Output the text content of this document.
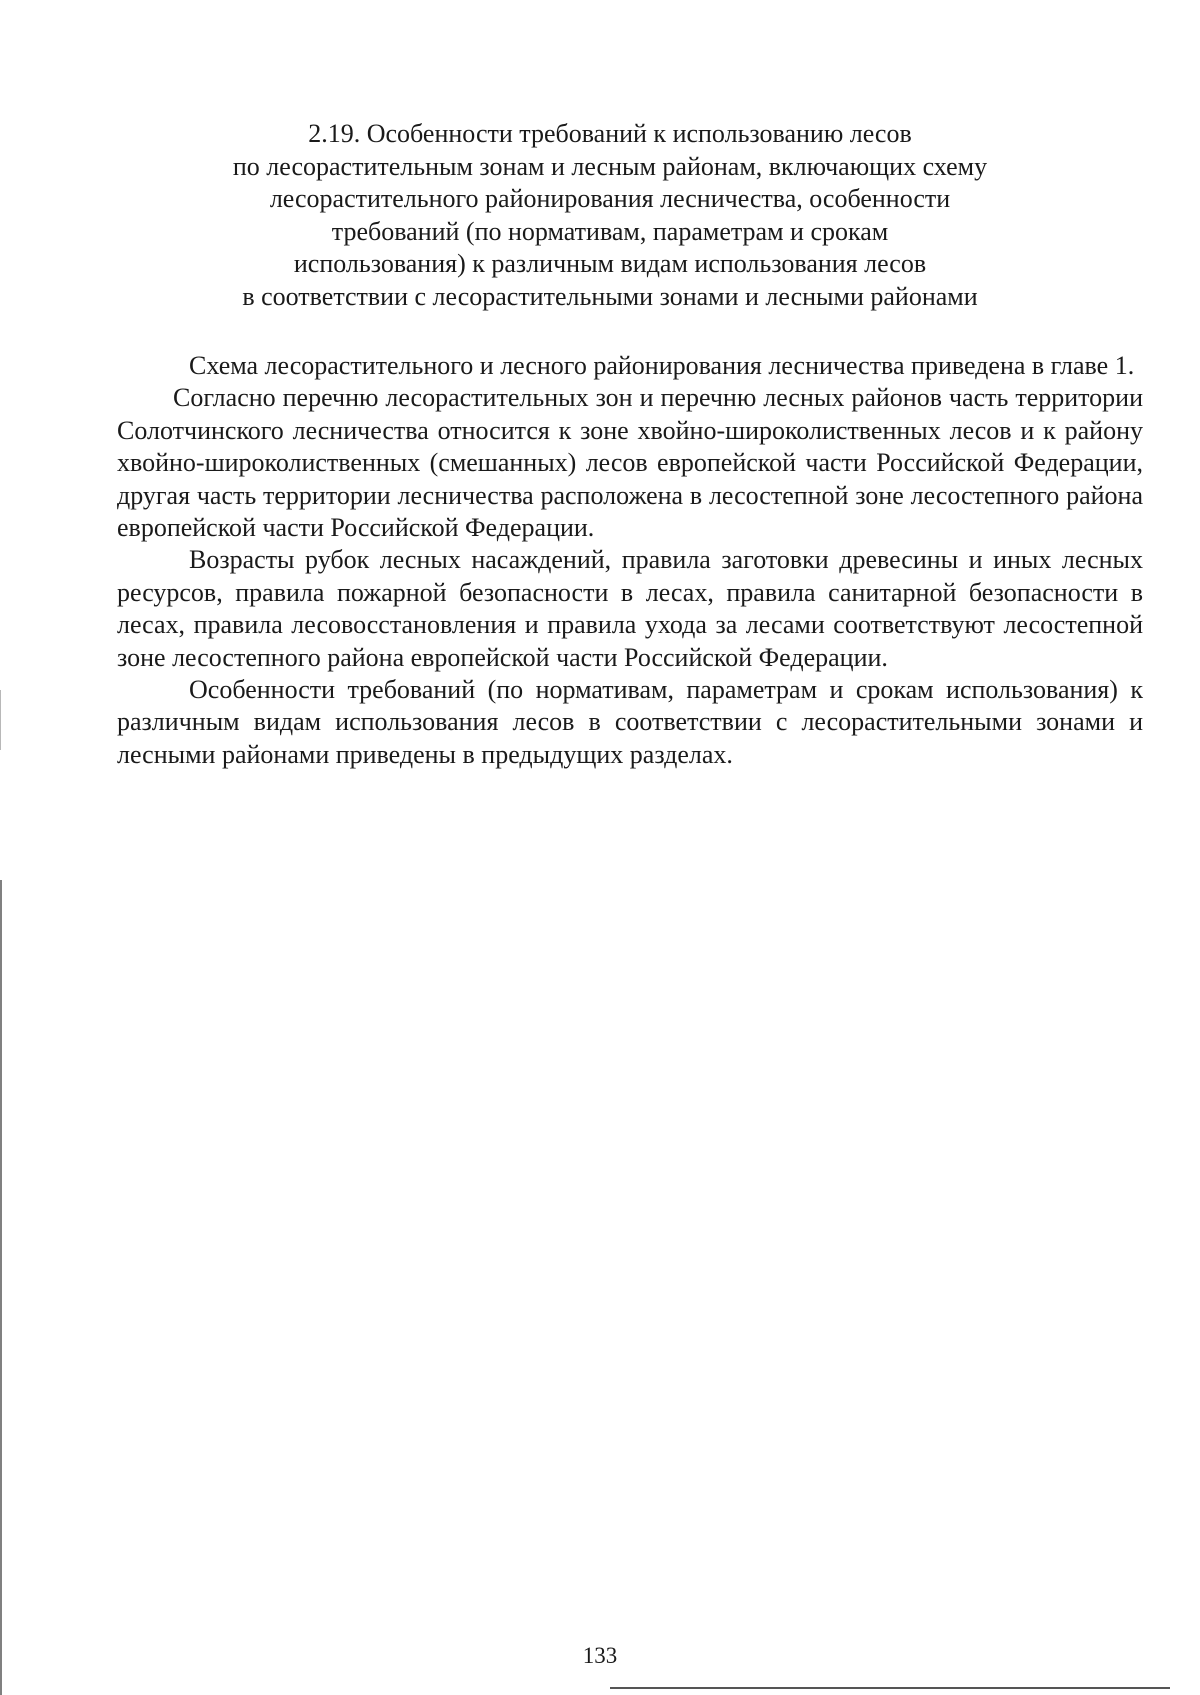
2.19. Особенности требований к использованию лесов
по лесорастительным зонам и лесным районам, включающих схему
лесорастительного районирования лесничества, особенности
требований (по нормативам, параметрам и срокам
использования) к различным видам использования лесов
в соответствии с лесорастительными зонами и лесными районами

Схема лесорастительного и лесного районирования лесничества приведена в главе 1.

Согласно перечню лесорастительных зон и перечню лесных районов часть территории Солотчинского лесничества относится к зоне хвойно-широколиственных лесов и к району хвойно-широколиственных (смешанных) лесов европейской части Российской Федерации, другая часть территории лесничества расположена в лесостепной зоне лесостепного района европейской части Российской Федерации.

Возрасты рубок лесных насаждений, правила заготовки древесины и иных лесных ресурсов, правила пожарной безопасности в лесах, правила санитарной безопасности в лесах, правила лесовосстановления и правила ухода за лесами соответствуют лесостепной зоне лесостепного района европейской части Российской Федерации.

Особенности требований (по нормативам, параметрам и срокам использования) к различным видам использования лесов в соответствии с лесорастительными зонами и лесными районами приведены в предыдущих разделах.

133
